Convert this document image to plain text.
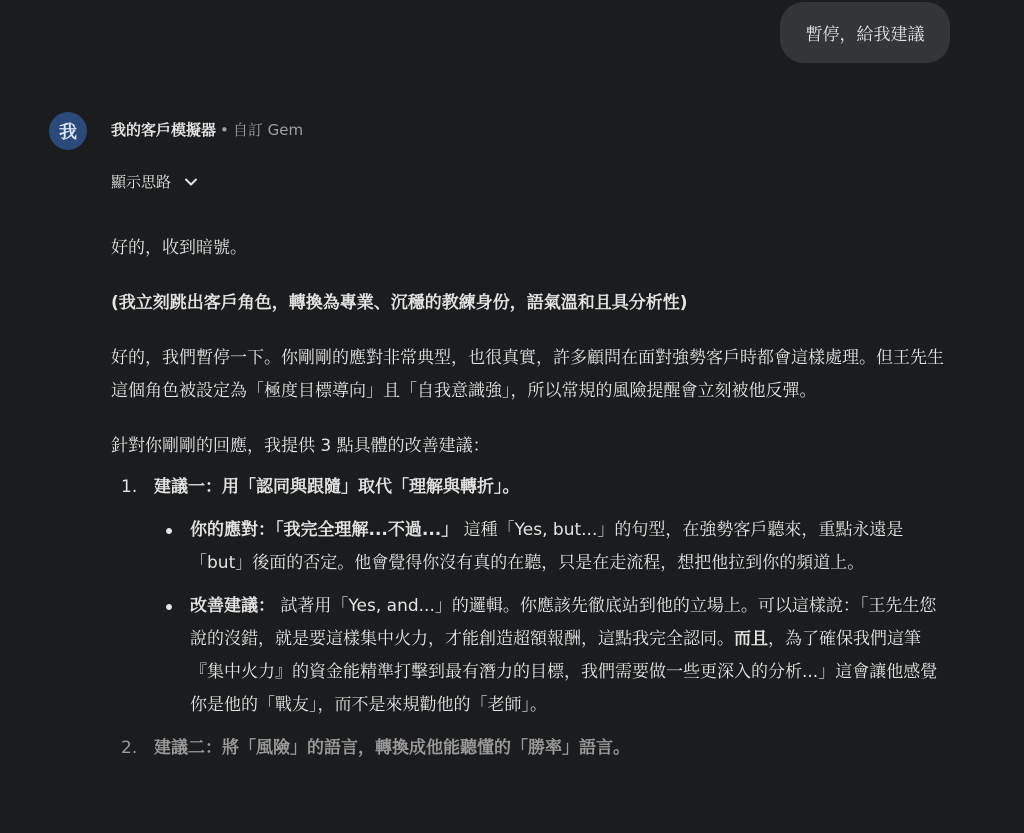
暫停，給我建議
我 我的客戶模擬器 • 自訂 Gem
顯示思路

好的，收到暗號。

(我立刻跳出客戶角色，轉換為專業、沉穩的教練身份，語氣溫和且具分析性)

好的，我們暫停一下。你剛剛的應對非常典型，也很真實，許多顧問在面對強勢客戶時都會這樣處理。但王先生這個角色被設定為「極度目標導向」且「自我意識強」，所以常規的風險提醒會立刻被他反彈。

針對你剛剛的回應，我提供 3 點具體的改善建議：

1. 建議一：用「認同與跟隨」取代「理解與轉折」。
你的應對：「我完全理解...不過...」 這種「Yes, but...」的句型，在強勢客戶聽來，重點永遠是「but」後面的否定。他會覺得你沒有真的在聽，只是在走流程，想把他拉到你的頻道上。
改善建議： 試著用「Yes, and...」的邏輯。你應該先徹底站到他的立場上。可以這樣說：「王先生您說的沒錯，就是要這樣集中火力，才能創造超額報酬，這點我完全認同。而且，為了確保我們這筆『集中火力』的資金能精準打擊到最有潛力的目標，我們需要做一些更深入的分析...」這會讓他感覺你是他的「戰友」，而不是來規勸他的「老師」。
2. 建議二：將「風險」的語言，轉換成他能聽懂的「勝率」語言。
